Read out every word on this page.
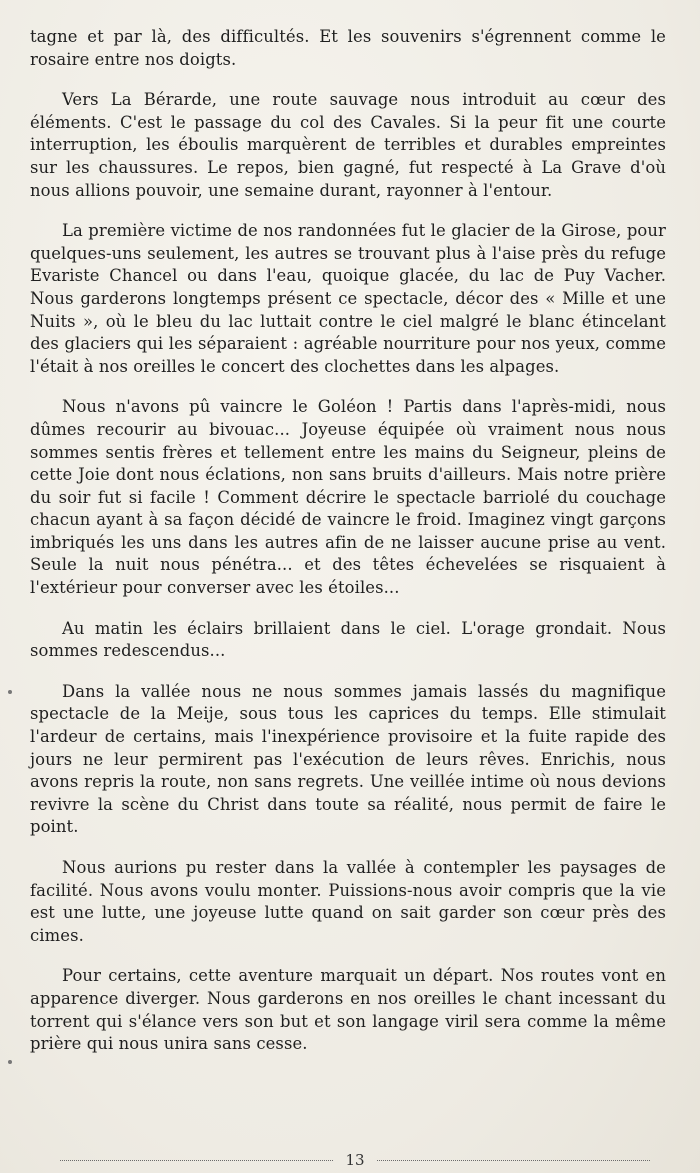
tagne et par là, des difficultés. Et les souvenirs s'égrennent comme le rosaire entre nos doigts.

Vers La Bérarde, une route sauvage nous introduit au cœur des éléments. C'est le passage du col des Cavales. Si la peur fit une courte interruption, les éboulis marquèrent de terribles et durables empreintes sur les chaussures. Le repos, bien gagné, fut respecté à La Grave d'où nous allions pouvoir, une semaine durant, rayonner à l'entour.

La première victime de nos randonnées fut le glacier de la Girose, pour quelques-uns seulement, les autres se trouvant plus à l'aise près du refuge Evariste Chancel ou dans l'eau, quoique glacée, du lac de Puy Vacher. Nous garderons longtemps présent ce spectacle, décor des « Mille et une Nuits », où le bleu du lac luttait contre le ciel malgré le blanc étincelant des glaciers qui les séparaient : agréable nourriture pour nos yeux, comme l'était à nos oreilles le concert des clochettes dans les alpages.

Nous n'avons pû vaincre le Goléon ! Partis dans l'après-midi, nous dûmes recourir au bivouac... Joyeuse équipée où vraiment nous nous sommes sentis frères et tellement entre les mains du Seigneur, pleins de cette Joie dont nous éclations, non sans bruits d'ailleurs. Mais notre prière du soir fut si facile ! Comment décrire le spectacle barriolé du couchage chacun ayant à sa façon décidé de vaincre le froid. Imaginez vingt garçons imbriqués les uns dans les autres afin de ne laisser aucune prise au vent. Seule la nuit nous pénétra... et des têtes échevelées se risquaient à l'extérieur pour converser avec les étoiles...

Au matin les éclairs brillaient dans le ciel. L'orage grondait. Nous sommes redescendus...

Dans la vallée nous ne nous sommes jamais lassés du magnifique spectacle de la Meije, sous tous les caprices du temps. Elle stimulait l'ardeur de certains, mais l'inexpérience provisoire et la fuite rapide des jours ne leur permirent pas l'exécution de leurs rêves. Enrichis, nous avons repris la route, non sans regrets. Une veillée intime où nous devions revivre la scène du Christ dans toute sa réalité, nous permit de faire le point.

Nous aurions pu rester dans la vallée à contempler les paysages de facilité. Nous avons voulu monter. Puissions-nous avoir compris que la vie est une lutte, une joyeuse lutte quand on sait garder son cœur près des cimes.

Pour certains, cette aventure marquait un départ. Nos routes vont en apparence diverger. Nous garderons en nos oreilles le chant incessant du torrent qui s'élance vers son but et son langage viril sera comme la même prière qui nous unira sans cesse.

13
